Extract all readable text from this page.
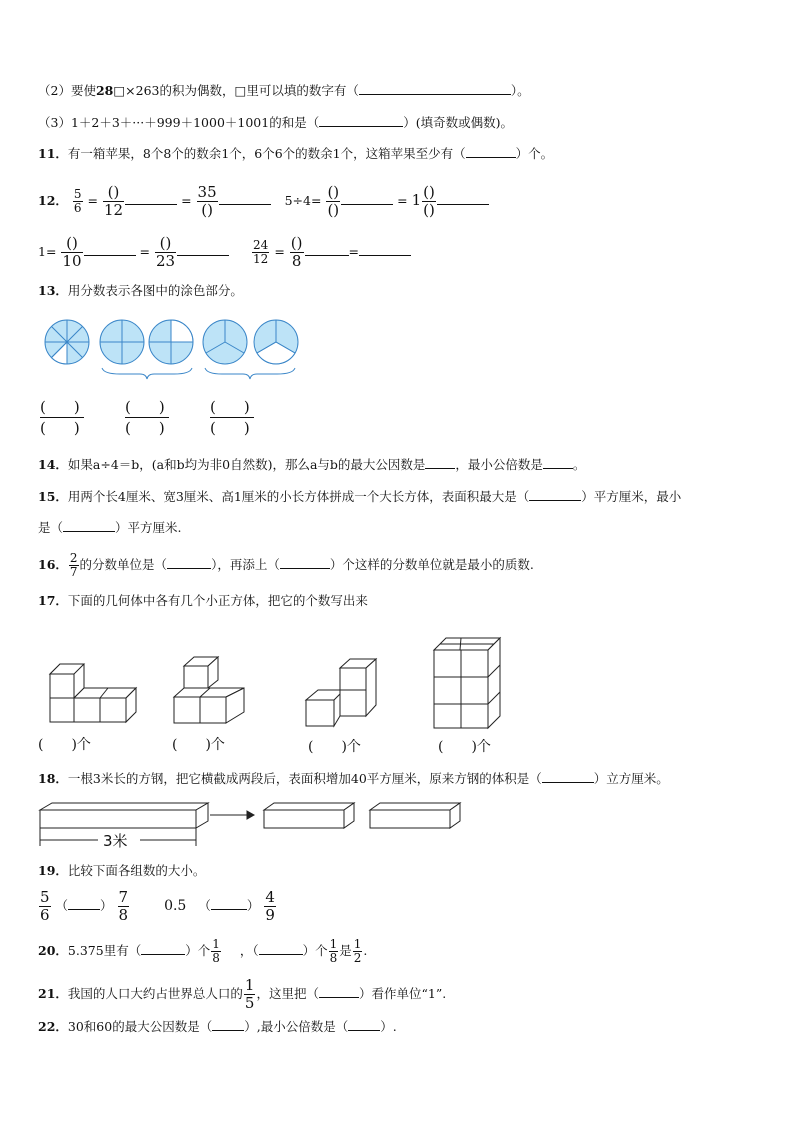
（2）要使28□×263的积为偶数，□里可以填的数字有（	）。
（3）1＋2＋3＋···＋999＋1000＋1001的和是（	）(填奇数或偶数)。
11．有一箱苹果，8个8个的数余1个，6个6个的数余1个，这箱苹果至少有（	）个。
12． $\frac{5}{6}$ = ()
12
= 35
()
5÷4= ()
()
= 1 ()
()
1= ()
10
= ()
23
	$\frac{24}{12}$ = ()
8
=
13．用分数表示各图中的涂色部分。
( )
( )
( )
( )
( )
( )
14．如果a÷4＝b，(a和b均为非0自然数)，那么a与b的最大公因数是 ，最小公倍数是 。
15．用两个长4厘米、宽3厘米、高1厘米的小长方体拼成一个大长方体，表面积最大是（	）平方厘米，最小
是（	）平方厘米.
16． $\frac{2}{7}$ 的分数单位是（	），再添上（	）个这样的分数单位就是最小的质数.
17．下面的几何体中各有几个小正方体，把它的个数写出来
(　　)个	(　　)个	(　　)个	(　　)个
18．一根3米长的方钢，把它横截成两段后，表面积增加40平方厘米，原来方钢的体积是（	）立方厘米。
3米
19．比较下面各组数的大小。
$\frac{5}{6}$ （	） $\frac{7}{8} 0.5$ （	） $\frac{4}{9}$
20．5.375里有（	）个 $\frac{1}{8}$ ，（	）个 $\frac{1}{8}$ 是 $\frac{1}{2}$ .
21．我国的人口大约占世界总人口的 $\frac{1}{5}$ ，这里把（	）看作单位“1”.
22．30和60的最大公因数是（	）,最小公倍数是（	）.
